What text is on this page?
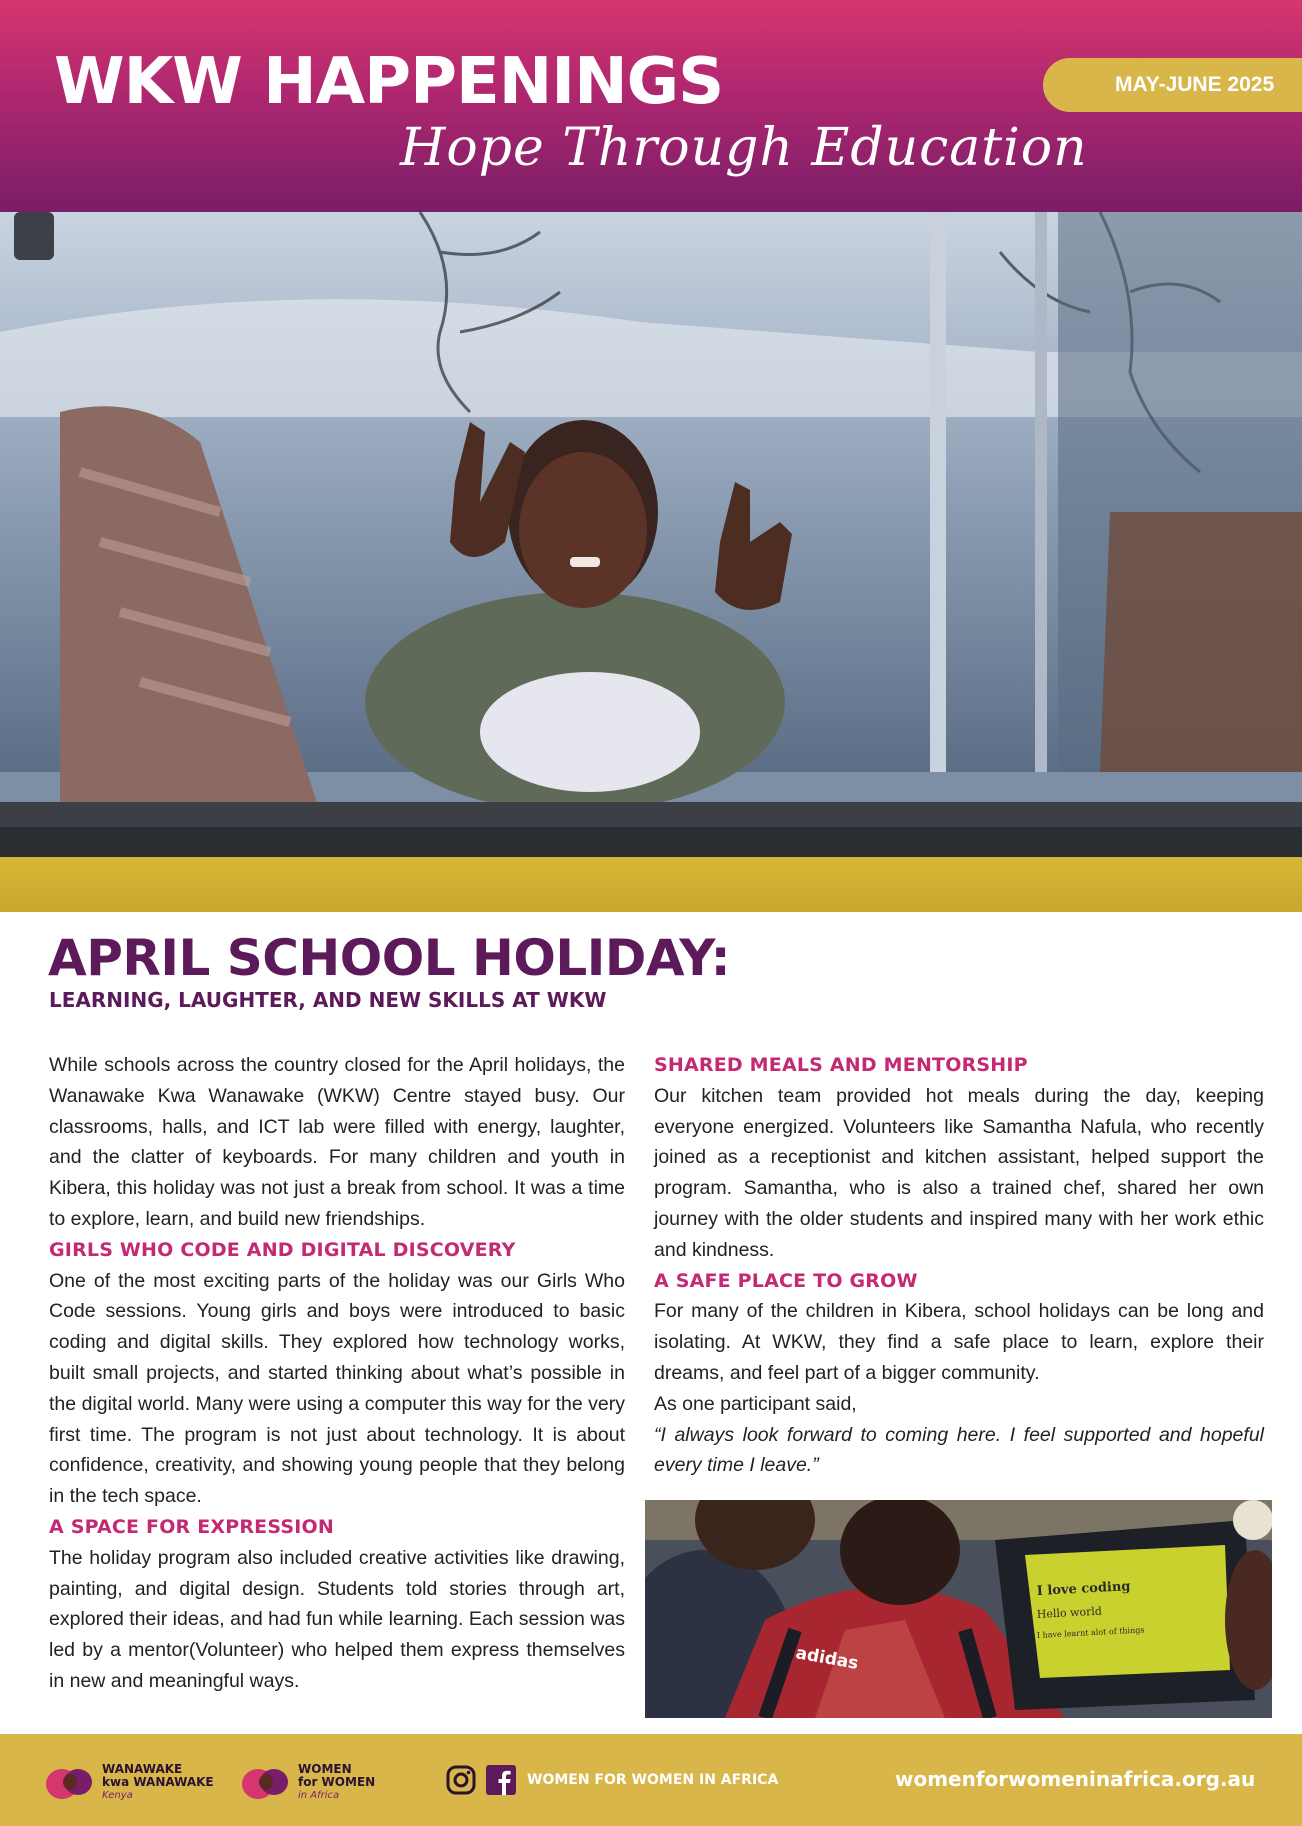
WKW HAPPENINGS
Hope Through Education
MAY-JUNE 2025
APRIL SCHOOL HOLIDAY:
LEARNING, LAUGHTER, AND NEW SKILLS AT WKW

While schools across the country closed for the April holidays, the Wanawake Kwa Wanawake (WKW) Centre stayed busy. Our classrooms, halls, and ICT lab were filled with energy, laughter, and the clatter of keyboards. For many children and youth in Kibera, this holiday was not just a break from school. It was a time to explore, learn, and build new friendships.

GIRLS WHO CODE AND DIGITAL DISCOVERY

One of the most exciting parts of the holiday was our Girls Who Code sessions. Young girls and boys were introduced to basic coding and digital skills. They explored how technology works, built small projects, and started thinking about what’s possible in the digital world. Many were using a computer this way for the very first time. The program is not just about technology. It is about confidence, creativity, and showing young people that they belong in the tech space.

A SPACE FOR EXPRESSION

The holiday program also included creative activities like drawing, painting, and digital design. Students told stories through art, explored their ideas, and had fun while learning. Each session was led by a mentor(Volunteer) who helped them express themselves in new and meaningful ways.

SHARED MEALS AND MENTORSHIP

Our kitchen team provided hot meals during the day, keeping everyone energized. Volunteers like Samantha Nafula, who recently joined as a receptionist and kitchen assistant, helped support the program. Samantha, who is also a trained chef, shared her own journey with the older students and inspired many with her work ethic and kindness.

A SAFE PLACE TO GROW

For many of the children in Kibera, school holidays can be long and isolating. At WKW, they find a safe place to learn, explore their dreams, and feel part of a bigger community.

As one participant said,

“I always look forward to coming here. I feel supported and hopeful every time I leave.”

adidas
I love coding
Hello world
I have learnt alot of things
WANAWAKE
kwa WANAWAKE
Kenya
WOMEN
for WOMEN
in Africa
WOMEN FOR WOMEN IN AFRICA	womenforwomeninafrica.org.au
